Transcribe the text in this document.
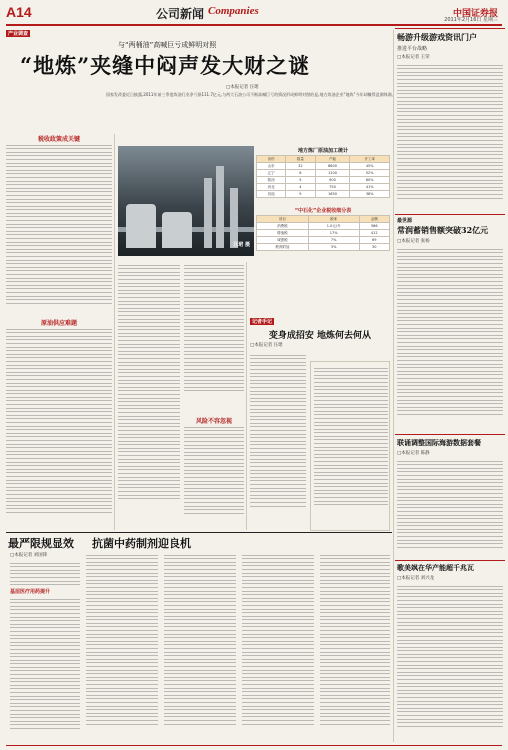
A14	公司新闻 Companies	中国证券报
2011年2月16日 星期三
产业调查
与“两桶油”高喊巨亏成鲜明对照
“地炼”夹缝中闷声发大财之谜
□本报记者 汪珺
国家发改委近日披露,2011年前三季度炼油行业净亏损111.7亿元,与两大石油公司不断高喊巨亏的情况形成鲜明对照的是,地方炼油企业“地炼”今年却赚得盆满钵满。
税收政策成关键
原油供应难题
汪珺 摄
地方炼厂原油加工统计
省份	数量	产能	开工率
山东	32	6800	45%
辽宁	6	1200	52%
陕西	5	900	60%
河北	4	750	41%
其他	9	1650	38%
“中石化”企业税收细分表
项目	税率	金额
消费税	1.0元/升	586
增值税	17%	412
城建税	7%	69
教育附加	3%	30
风险不容忽视
记者手记
变身成招安 地炼何去何从
□本报记者 汪珺
畅游升级游戏资讯门户
推进平台战略
□本报记者 王荣
最世源
常润蓄销售额突破32亿元
□本报记者 张杨
联诵调整国际海游数据套餐
□本报记者 陈静
歌美飒在华产能超千兆瓦
□本报记者 刘兴龙
最严限规显效 抗菌中药制剂迎良机
□本报记者 刘国锋
基层医疗用药提升
